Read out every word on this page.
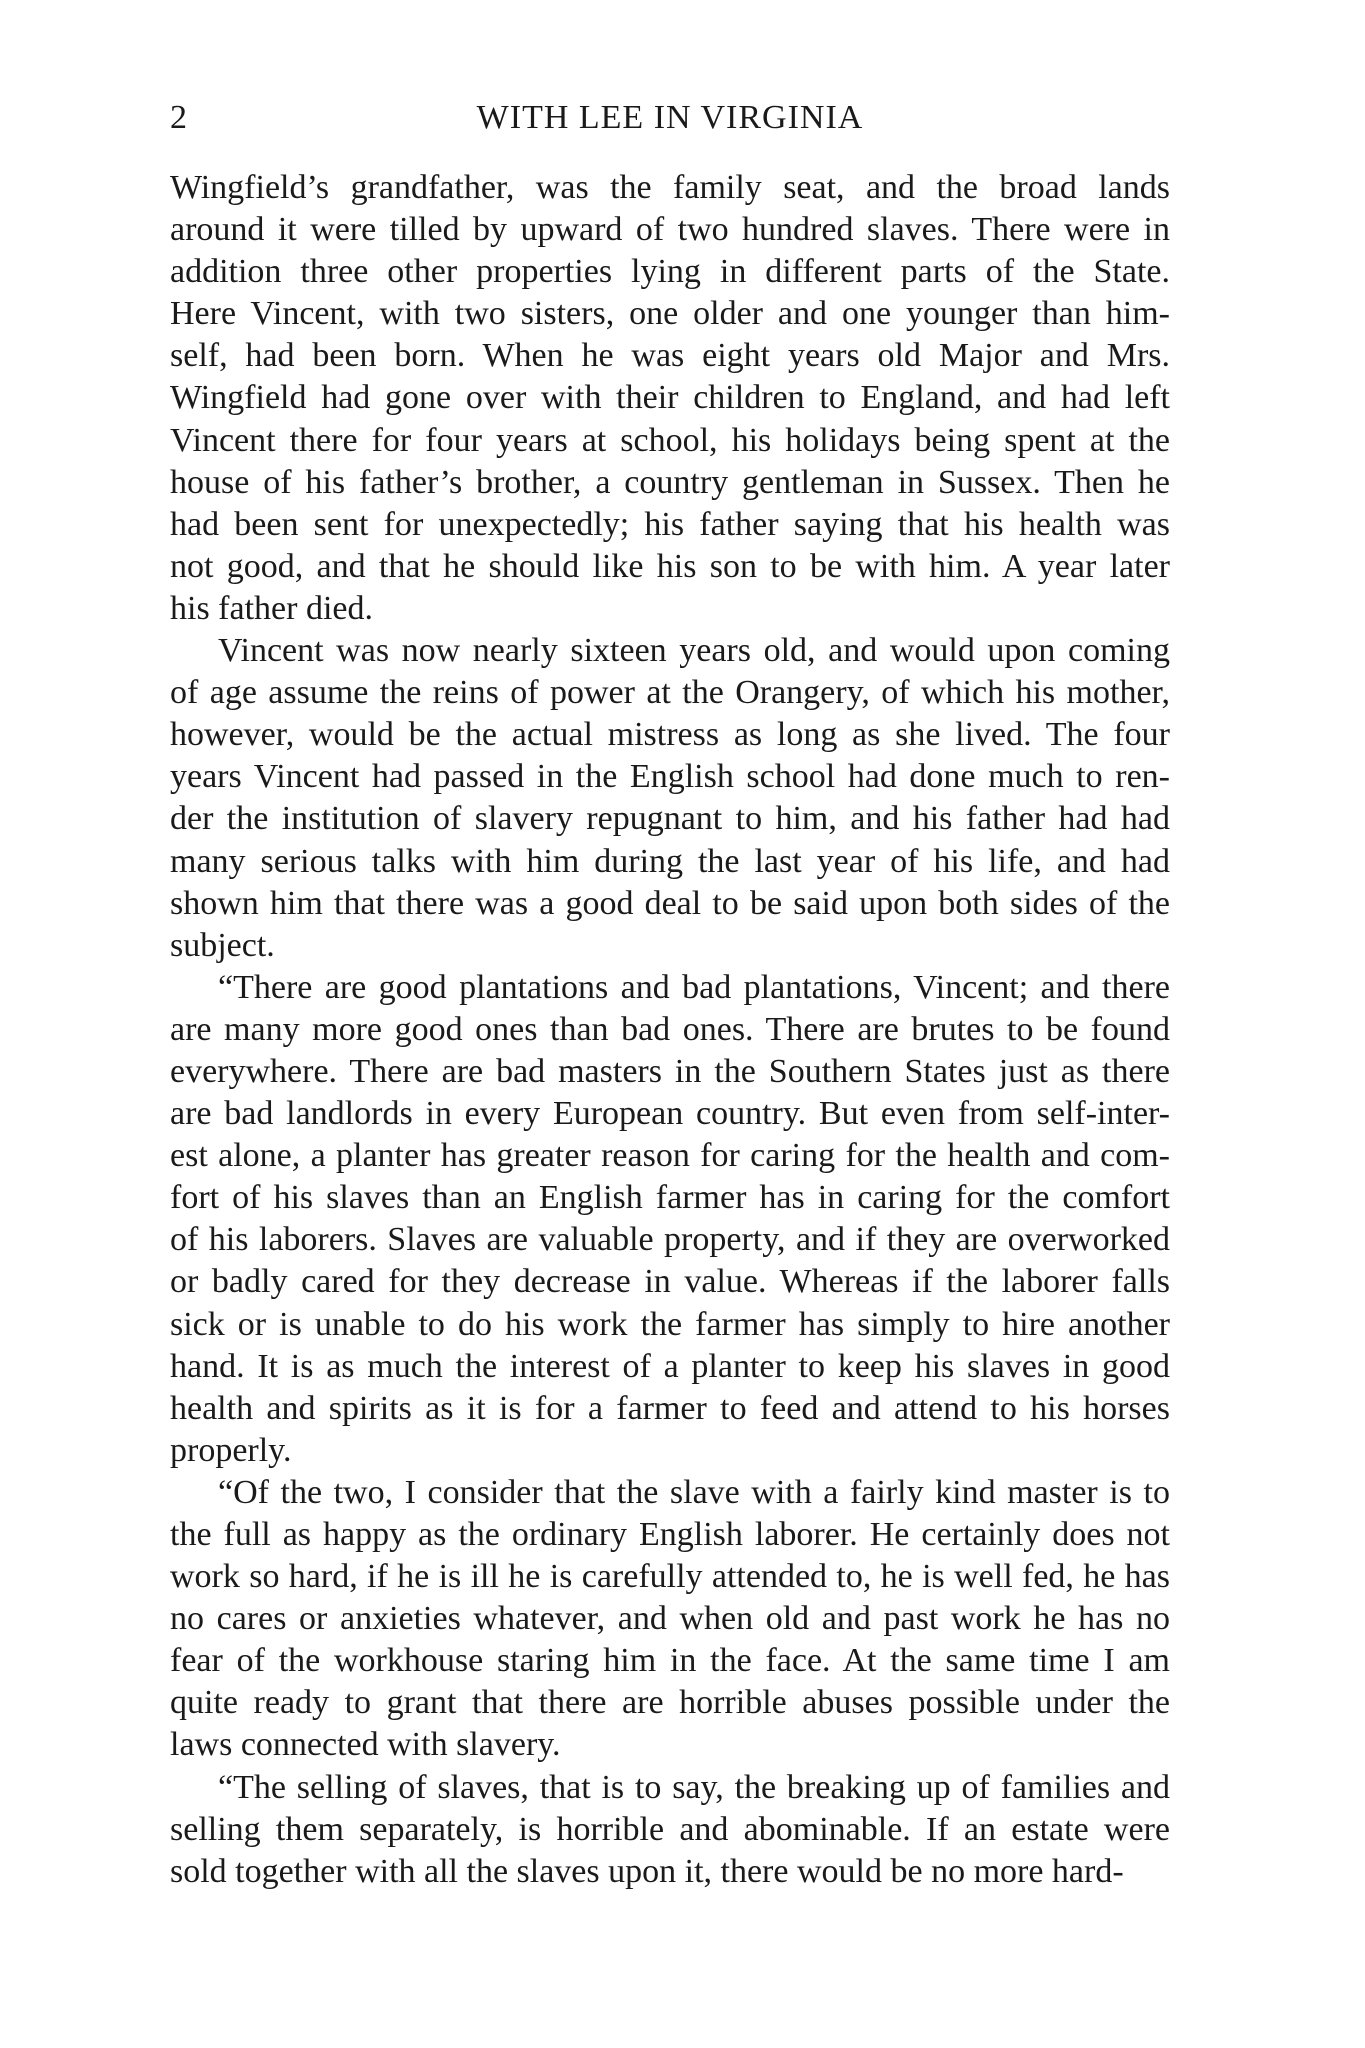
2	WITH LEE IN VIRGINIA

Wingfield’s grandfather, was the family seat, and the broad lands
around it were tilled by upward of two hundred slaves. There were in
addition three other properties lying in different parts of the State.
Here Vincent, with two sisters, one older and one younger than him-
self, had been born. When he was eight years old Major and Mrs.
Wingfield had gone over with their children to England, and had left
Vincent there for four years at school, his holidays being spent at the
house of his father’s brother, a country gentleman in Sussex. Then he
had been sent for unexpectedly; his father saying that his health was
not good, and that he should like his son to be with him. A year later
his father died.

Vincent was now nearly sixteen years old, and would upon coming
of age assume the reins of power at the Orangery, of which his mother,
however, would be the actual mistress as long as she lived. The four
years Vincent had passed in the English school had done much to ren-
der the institution of slavery repugnant to him, and his father had had
many serious talks with him during the last year of his life, and had
shown him that there was a good deal to be said upon both sides of the
subject.

“There are good plantations and bad plantations, Vincent; and there
are many more good ones than bad ones. There are brutes to be found
everywhere. There are bad masters in the Southern States just as there
are bad landlords in every European country. But even from self-inter-
est alone, a planter has greater reason for caring for the health and com-
fort of his slaves than an English farmer has in caring for the comfort
of his laborers. Slaves are valuable property, and if they are overworked
or badly cared for they decrease in value. Whereas if the laborer falls
sick or is unable to do his work the farmer has simply to hire another
hand. It is as much the interest of a planter to keep his slaves in good
health and spirits as it is for a farmer to feed and attend to his horses
properly.

“Of the two, I consider that the slave with a fairly kind master is to
the full as happy as the ordinary English laborer. He certainly does not
work so hard, if he is ill he is carefully attended to, he is well fed, he has
no cares or anxieties whatever, and when old and past work he has no
fear of the workhouse staring him in the face. At the same time I am
quite ready to grant that there are horrible abuses possible under the
laws connected with slavery.

“The selling of slaves, that is to say, the breaking up of families and
selling them separately, is horrible and abominable. If an estate were
sold together with all the slaves upon it, there would be no more hard-
